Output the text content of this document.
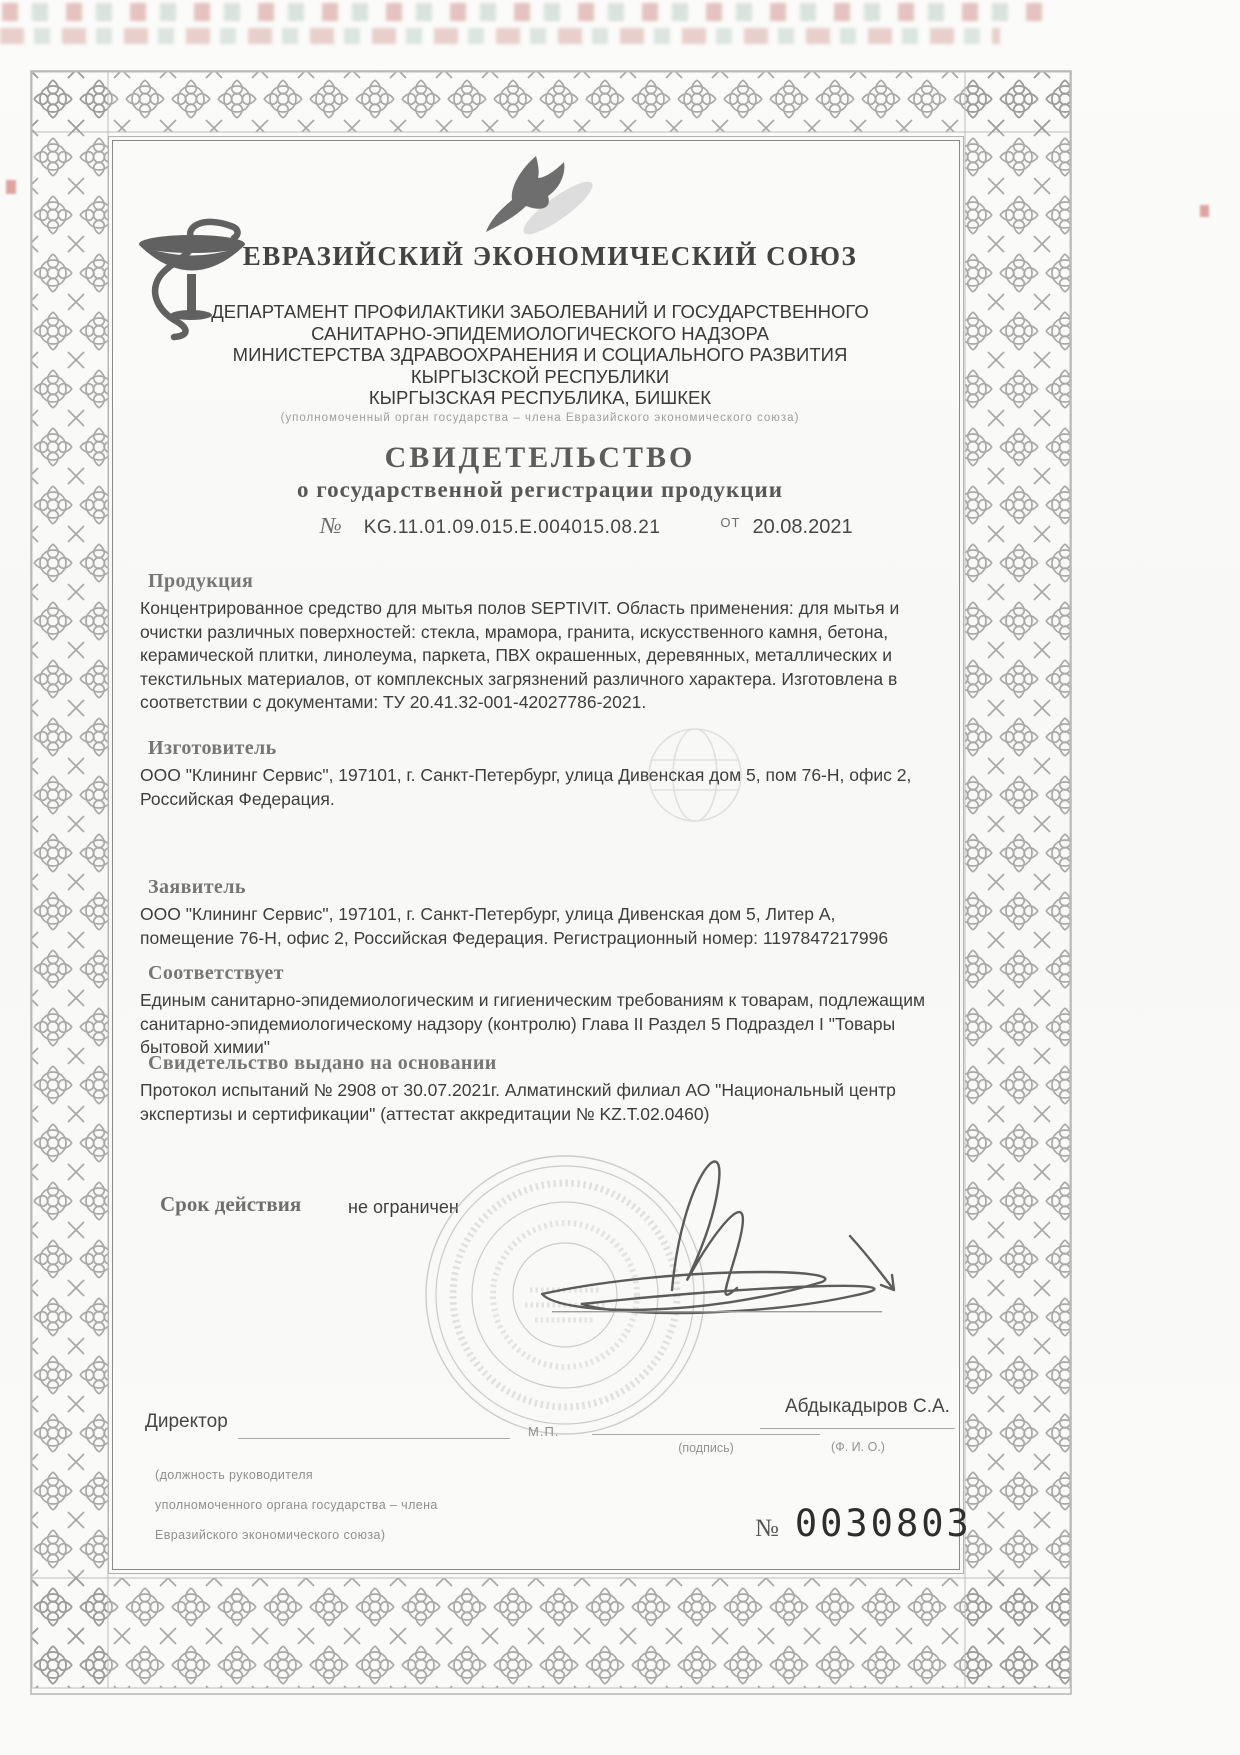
ЕВРАЗИЙСКИЙ ЭКОНОМИЧЕСКИЙ СОЮЗ
ДЕПАРТАМЕНТ ПРОФИЛАКТИКИ ЗАБОЛЕВАНИЙ И ГОСУДАРСТВЕННОГО
САНИТАРНО-ЭПИДЕМИОЛОГИЧЕСКОГО НАДЗОРА
МИНИСТЕРСТВА ЗДРАВООХРАНЕНИЯ И СОЦИАЛЬНОГО РАЗВИТИЯ
КЫРГЫЗСКОЙ РЕСПУБЛИКИ
КЫРГЫЗСКАЯ РЕСПУБЛИКА, БИШКЕК
(уполномоченный орган государства – члена Евразийского экономического союза)
СВИДЕТЕЛЬСТВО
о государственной регистрации продукции
№ KG.11.01.09.015.E.004015.08.21	ОТ 20.08.2021
Продукция

Концентрированное средство для мытья полов SEPTIVIT. Область применения: для мытья и очистки различных поверхностей: стекла, мрамора, гранита, искусственного камня, бетона, керамической плитки, линолеума, паркета, ПВХ окрашенных, деревянных, металлических и текстильных материалов, от комплексных загрязнений различного характера. Изготовлена в соответствии с документами: ТУ 20.41.32-001-42027786-2021.

Изготовитель

ООО "Клининг Сервис", 197101, г. Санкт-Петербург, улица Дивенская дом 5, пом 76-Н, офис 2, Российская Федерация.

Заявитель

ООО "Клининг Сервис", 197101, г. Санкт-Петербург, улица Дивенская дом 5, Литер А, помещение 76-Н, офис 2, Российская Федерация. Регистрационный номер: 1197847217996

Соответствует

Единым санитарно-эпидемиологическим и гигиеническим требованиям к товарам, подлежащим санитарно-эпидемиологическому надзору (контролю) Глава II Раздел 5 Подраздел I "Товары бытовой химии"

Свидетельство выдано на основании

Протокол испытаний № 2908 от 30.07.2021г. Алматинский филиал АО "Национальный центр экспертизы и сертификации" (аттестат аккредитации № KZ.Т.02.0460)

Срок действия	не ограничен
Директор	М.П.
(подпись)
Абдыкадыров С.А.
(Ф. И. О.)
(должность руководителя
уполномоченного органа государства – члена
Евразийского экономического союза)	№ 0030803
